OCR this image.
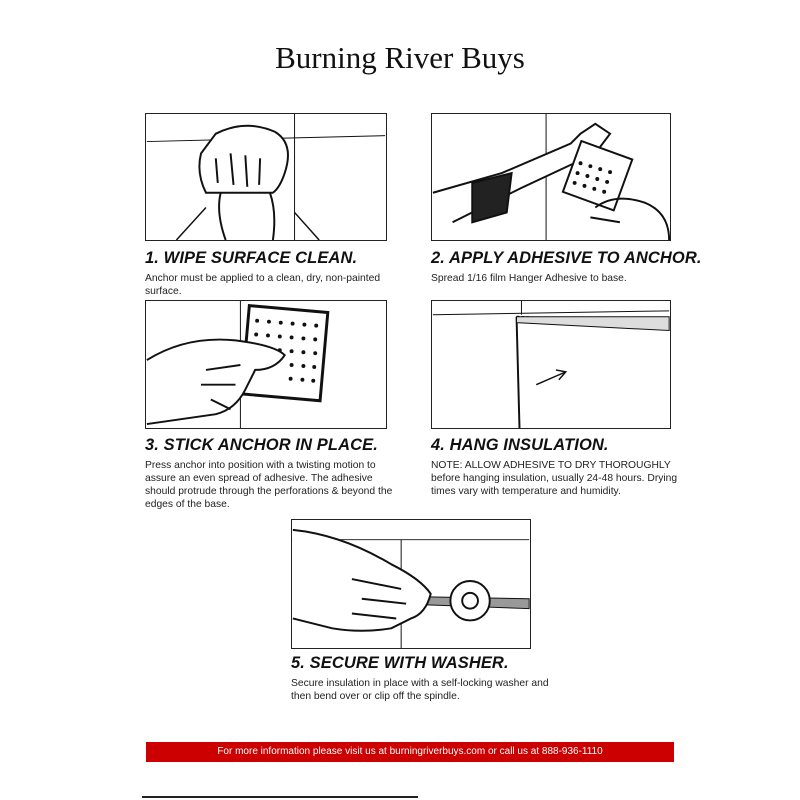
Burning River Buys
1. WIPE SURFACE CLEAN.

Anchor must be applied to a clean, dry, non-painted surface.

2. APPLY ADHESIVE TO ANCHOR.

Spread 1/16 film Hanger Adhesive to base.

3. STICK ANCHOR IN PLACE.

Press anchor into position with a twisting motion to assure an even spread of adhesive. The adhesive should protrude through the perforations & beyond the edges of the base.

4. HANG INSULATION.

NOTE: ALLOW ADHESIVE TO DRY THOROUGHLY before hanging insulation, usually 24-48 hours. Drying times vary with temperature and humidity.

5. SECURE WITH WASHER.

Secure insulation in place with a self-locking washer and then bend over or clip off the spindle.

For more information please visit us at burningriverbuys.com or call us at 888-936-1110
